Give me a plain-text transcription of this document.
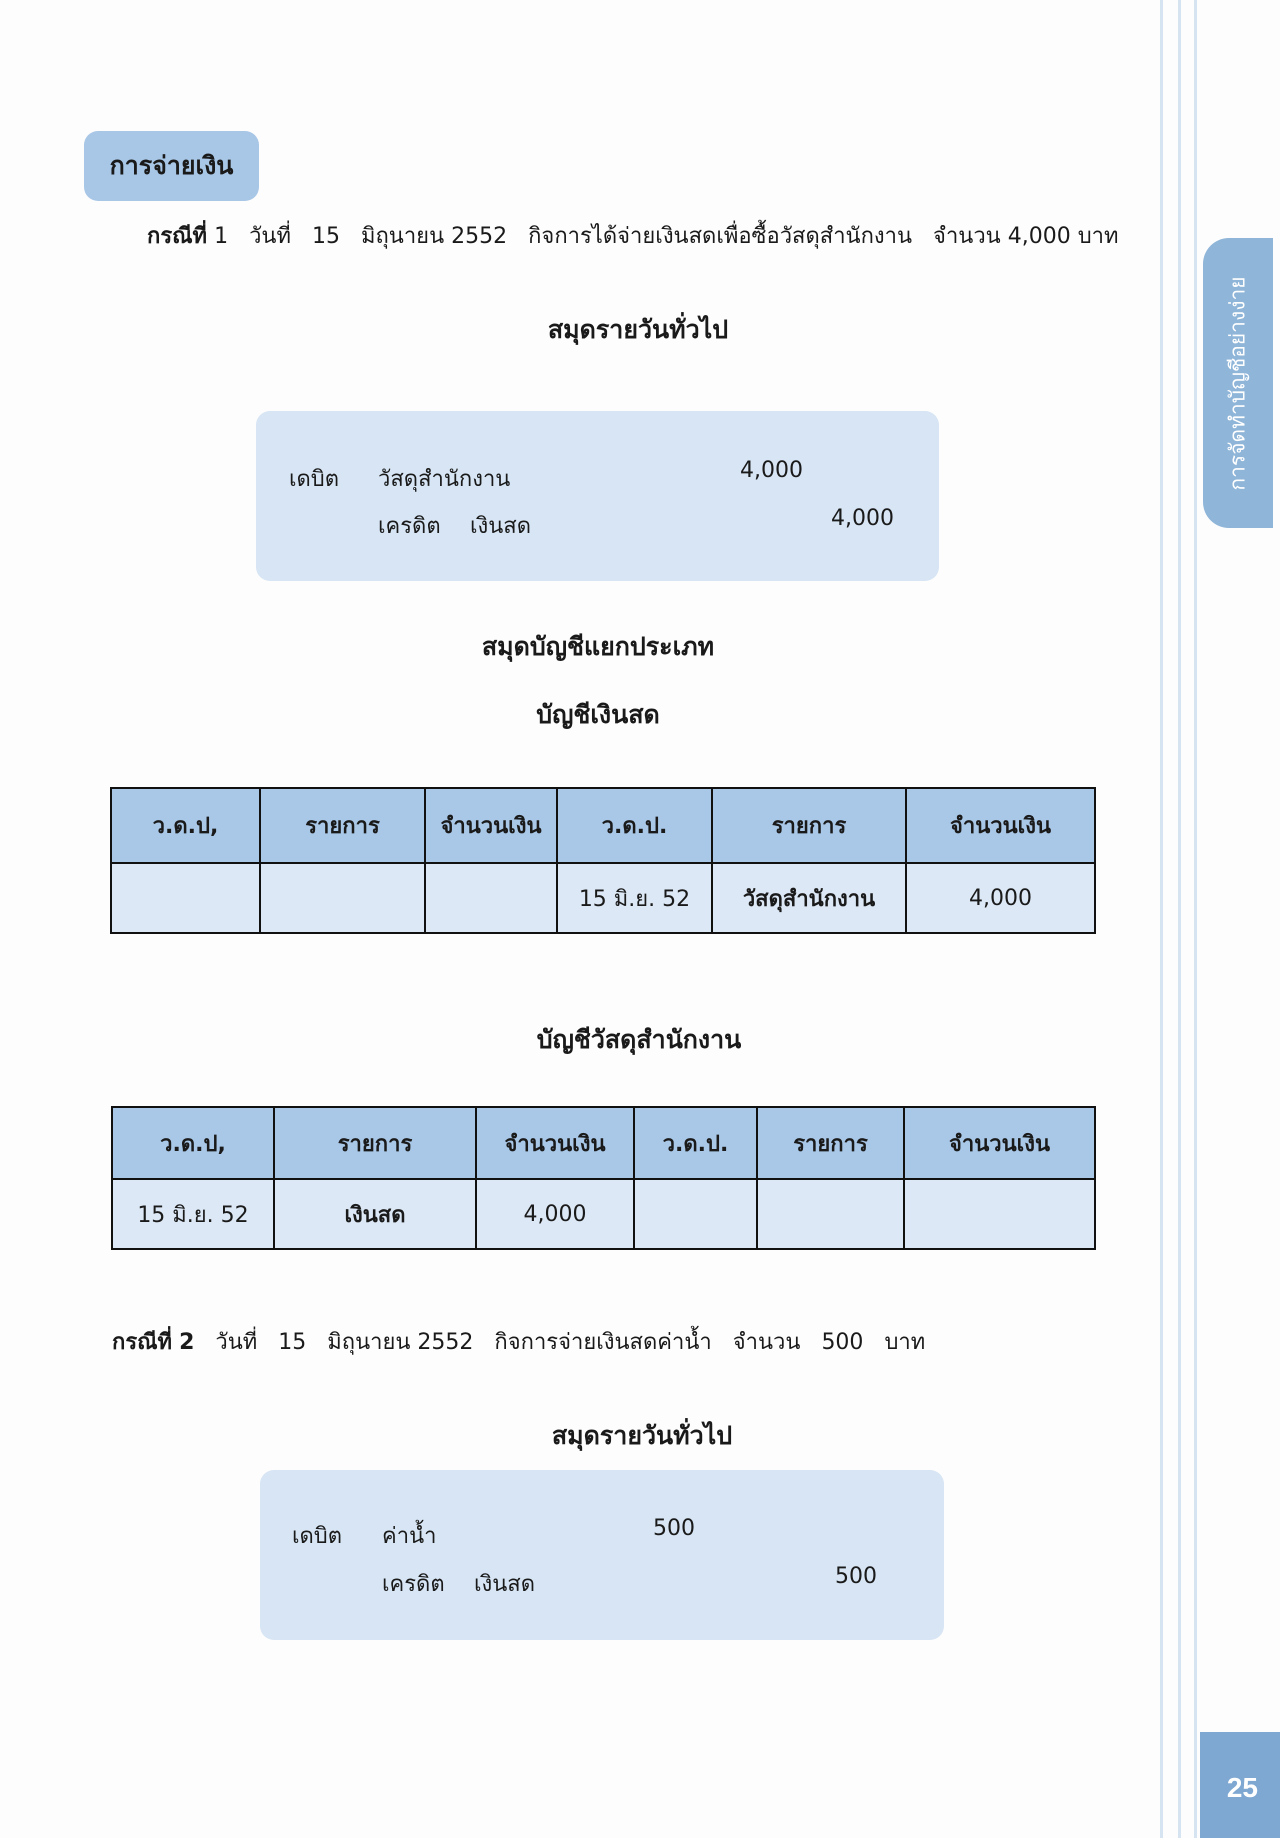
การจัดทำบัญชีอย่างง่าย
การจ่ายเงิน
กรณีที่ 1 วันที่ 15 มิถุนายน 2552 กิจการได้จ่ายเงินสดเพื่อซื้อวัสดุสำนักงาน จำนวน 4,000 บาท
สมุดรายวันทั่วไป
เดบิต วัสดุสำนักงาน	4,000
เครดิต เงินสด	4,000
สมุดบัญชีแยกประเภท
บัญชีเงินสด
ว.ด.ป,	รายการ	จำนวนเงิน	ว.ด.ป.	รายการ	จำนวนเงิน
			15 มิ.ย. 52	วัสดุสำนักงาน	4,000
บัญชีวัสดุสำนักงาน
ว.ด.ป,	รายการ	จำนวนเงิน	ว.ด.ป.	รายการ	จำนวนเงิน
15 มิ.ย. 52	เงินสด	4,000			
กรณีที่ 2 วันที่ 15 มิถุนายน 2552 กิจการจ่ายเงินสดค่าน้ำ จำนวน 500 บาท
สมุดรายวันทั่วไป
เดบิต ค่าน้ำ	500
เครดิต เงินสด	500
25
